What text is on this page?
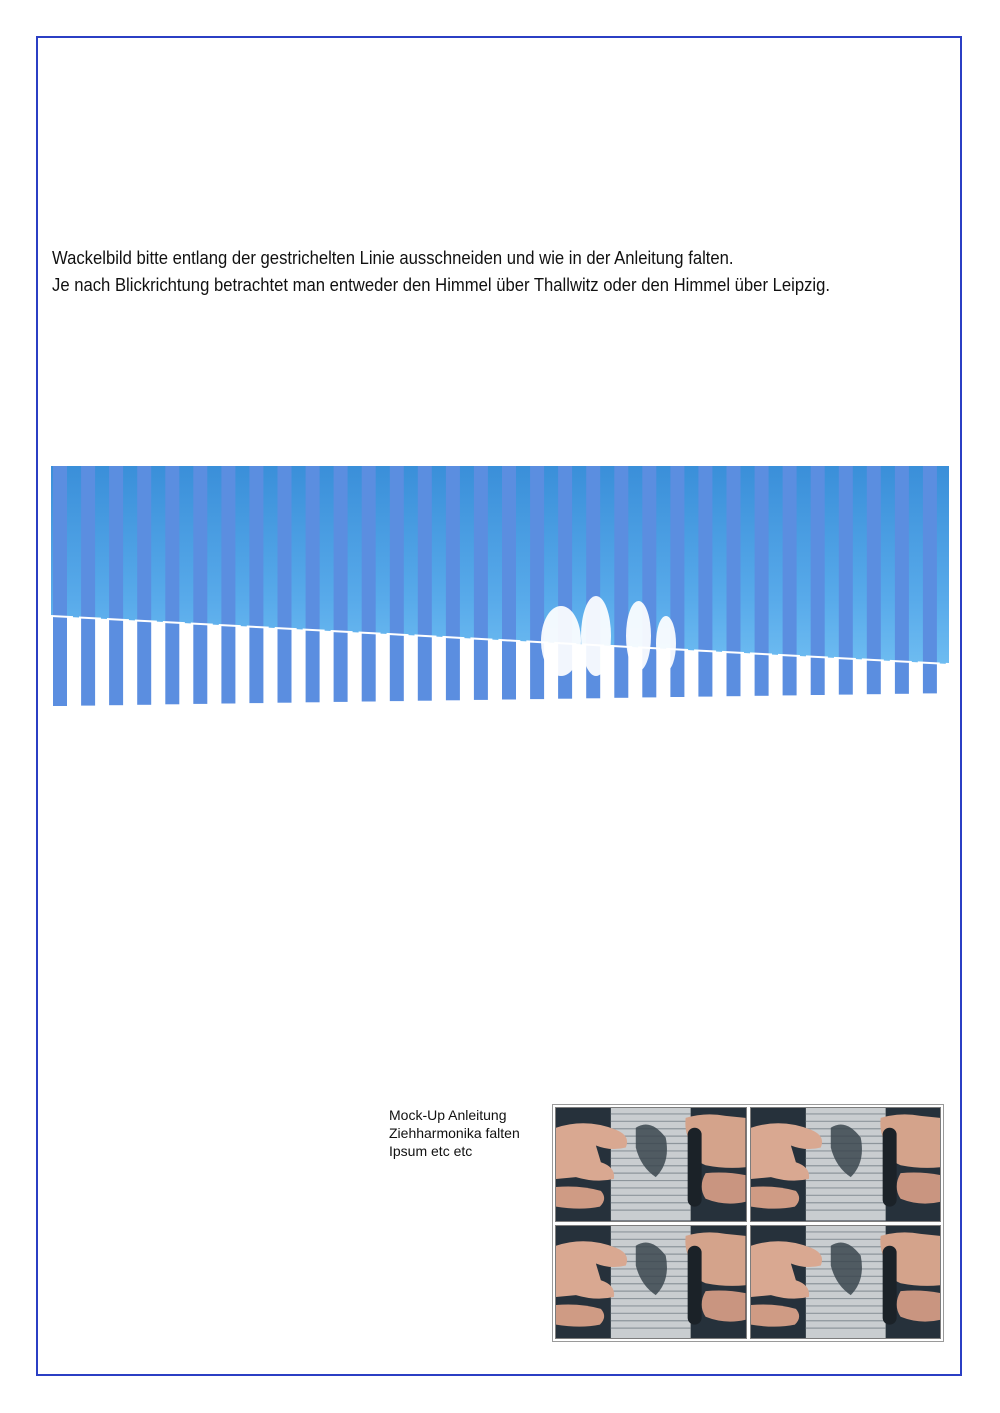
Wackelbild bitte entlang der gestrichelten Linie ausschneiden und wie in der Anleitung falten.
Je nach Blickrichtung betrachtet man entweder den Himmel über Thallwitz oder den Himmel über Leipzig.
Mock-Up Anleitung
Ziehharmonika falten
Ipsum etc etc
